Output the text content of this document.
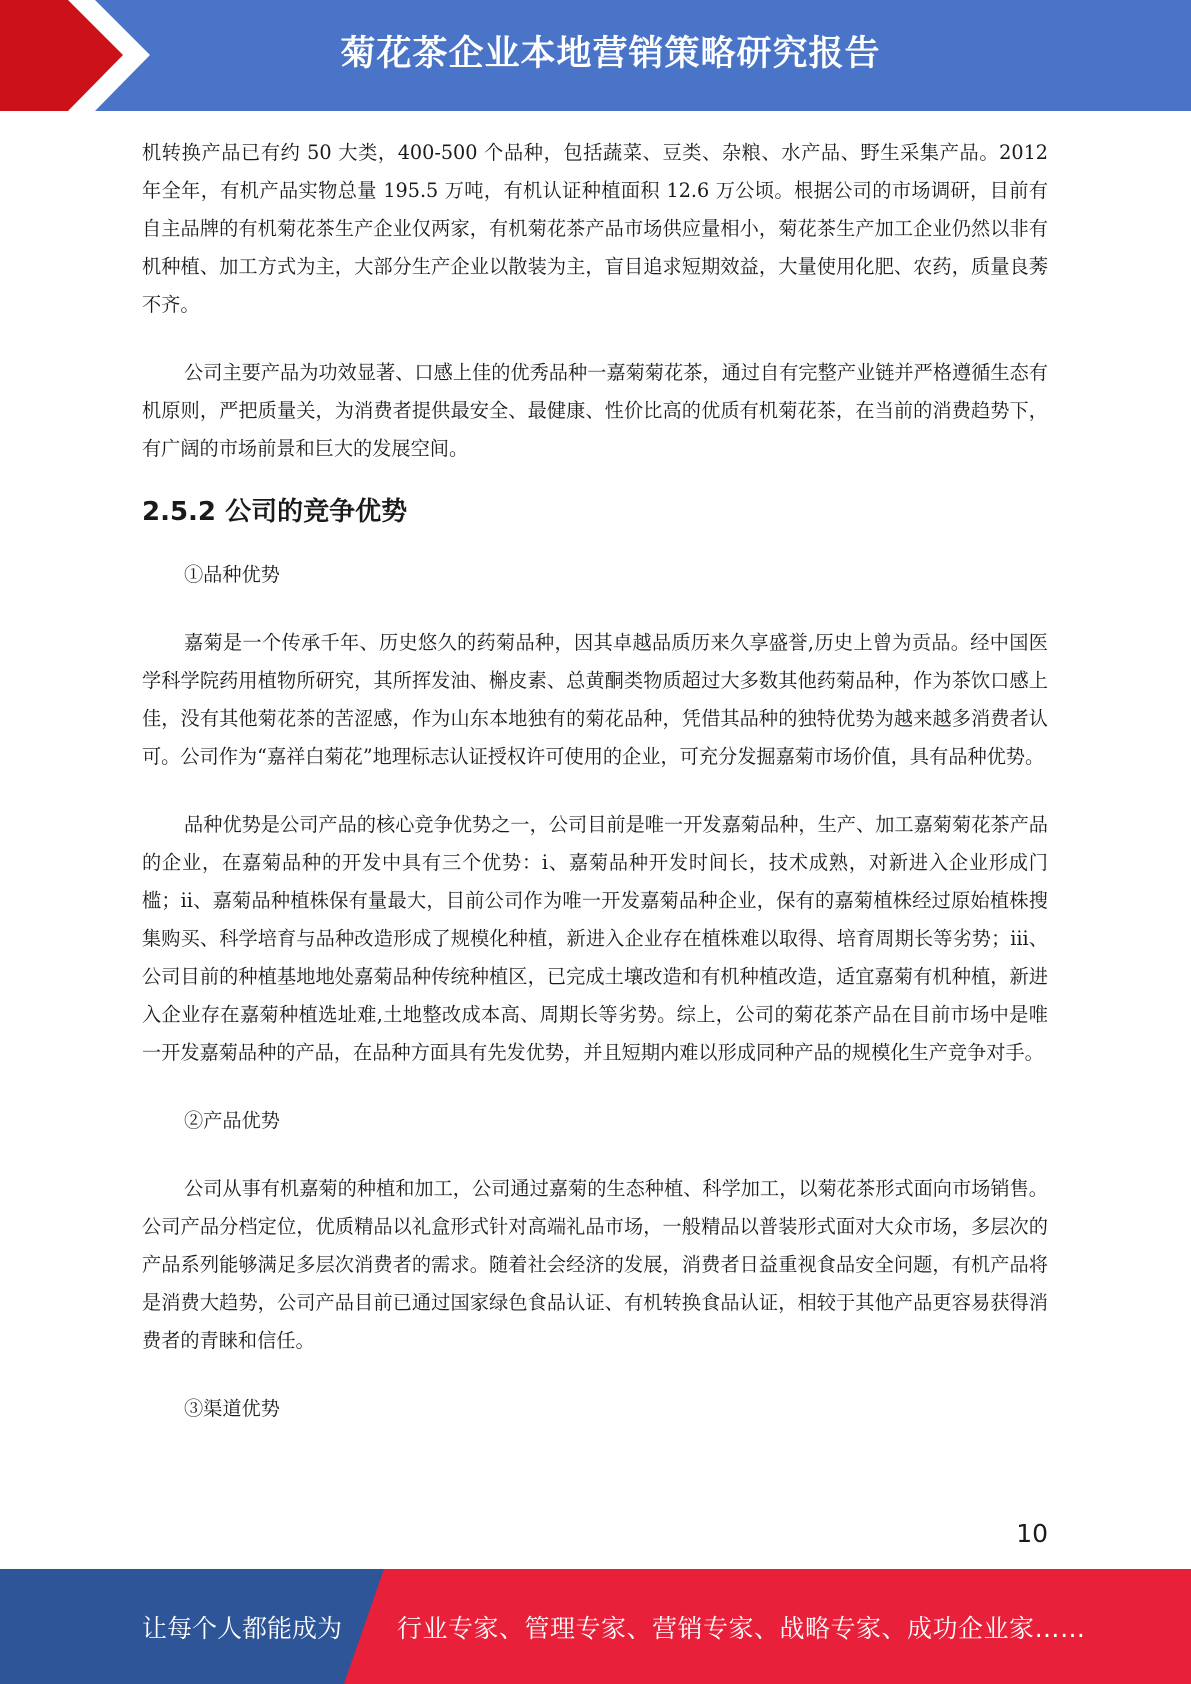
菊花茶企业本地营销策略研究报告

机转换产品已有约 50 大类，400-500 个品种，包括蔬菜、豆类、杂粮、水产品、野生采集产品。2012 年全年，有机产品实物总量 195.5 万吨，有机认证种植面积 12.6 万公顷。根据公司的市场调研，目前有自主品牌的有机菊花茶生产企业仅两家，有机菊花茶产品市场供应量相小，菊花茶生产加工企业仍然以非有机种植、加工方式为主，大部分生产企业以散装为主，盲目追求短期效益，大量使用化肥、农药，质量良莠不齐。

公司主要产品为功效显著、口感上佳的优秀品种一嘉菊菊花茶，通过自有完整产业链并严格遵循生态有机原则，严把质量关，为消费者提供最安全、最健康、性价比高的优质有机菊花茶，在当前的消费趋势下，有广阔的市场前景和巨大的发展空间。

2.5.2 公司的竞争优势

①品种优势

嘉菊是一个传承千年、历史悠久的药菊品种，因其卓越品质历来久享盛誉,历史上曾为贡品。经中国医学科学院药用植物所研究，其所挥发油、槲皮素、总黄酮类物质超过大多数其他药菊品种，作为茶饮口感上佳，没有其他菊花茶的苦涩感，作为山东本地独有的菊花品种，凭借其品种的独特优势为越来越多消费者认可。公司作为“嘉祥白菊花”地理标志认证授权许可使用的企业，可充分发掘嘉菊市场价值，具有品种优势。

品种优势是公司产品的核心竞争优势之一，公司目前是唯一开发嘉菊品种，生产、加工嘉菊菊花茶产品的企业，在嘉菊品种的开发中具有三个优势：i、嘉菊品种开发时间长，技术成熟，对新进入企业形成门槛；ii、嘉菊品种植株保有量最大，目前公司作为唯一开发嘉菊品种企业，保有的嘉菊植株经过原始植株搜集购买、科学培育与品种改造形成了规模化种植，新进入企业存在植株难以取得、培育周期长等劣势；iii、公司目前的种植基地地处嘉菊品种传统种植区，已完成土壤改造和有机种植改造，适宜嘉菊有机种植，新进入企业存在嘉菊种植选址难,土地整改成本高、周期长等劣势。综上，公司的菊花茶产品在目前市场中是唯一开发嘉菊品种的产品，在品种方面具有先发优势，并且短期内难以形成同种产品的规模化生产竞争对手。

②产品优势

公司从事有机嘉菊的种植和加工，公司通过嘉菊的生态种植、科学加工，以菊花茶形式面向市场销售。公司产品分档定位，优质精品以礼盒形式针对高端礼品市场，一般精品以普装形式面对大众市场，多层次的产品系列能够满足多层次消费者的需求。随着社会经济的发展，消费者日益重视食品安全问题，有机产品将是消费大趋势，公司产品目前已通过国家绿色食品认证、有机转换食品认证，相较于其他产品更容易获得消费者的青睐和信任。

③渠道优势

10
让每个人都能成为 行业专家、管理专家、营销专家、战略专家、成功企业家……
